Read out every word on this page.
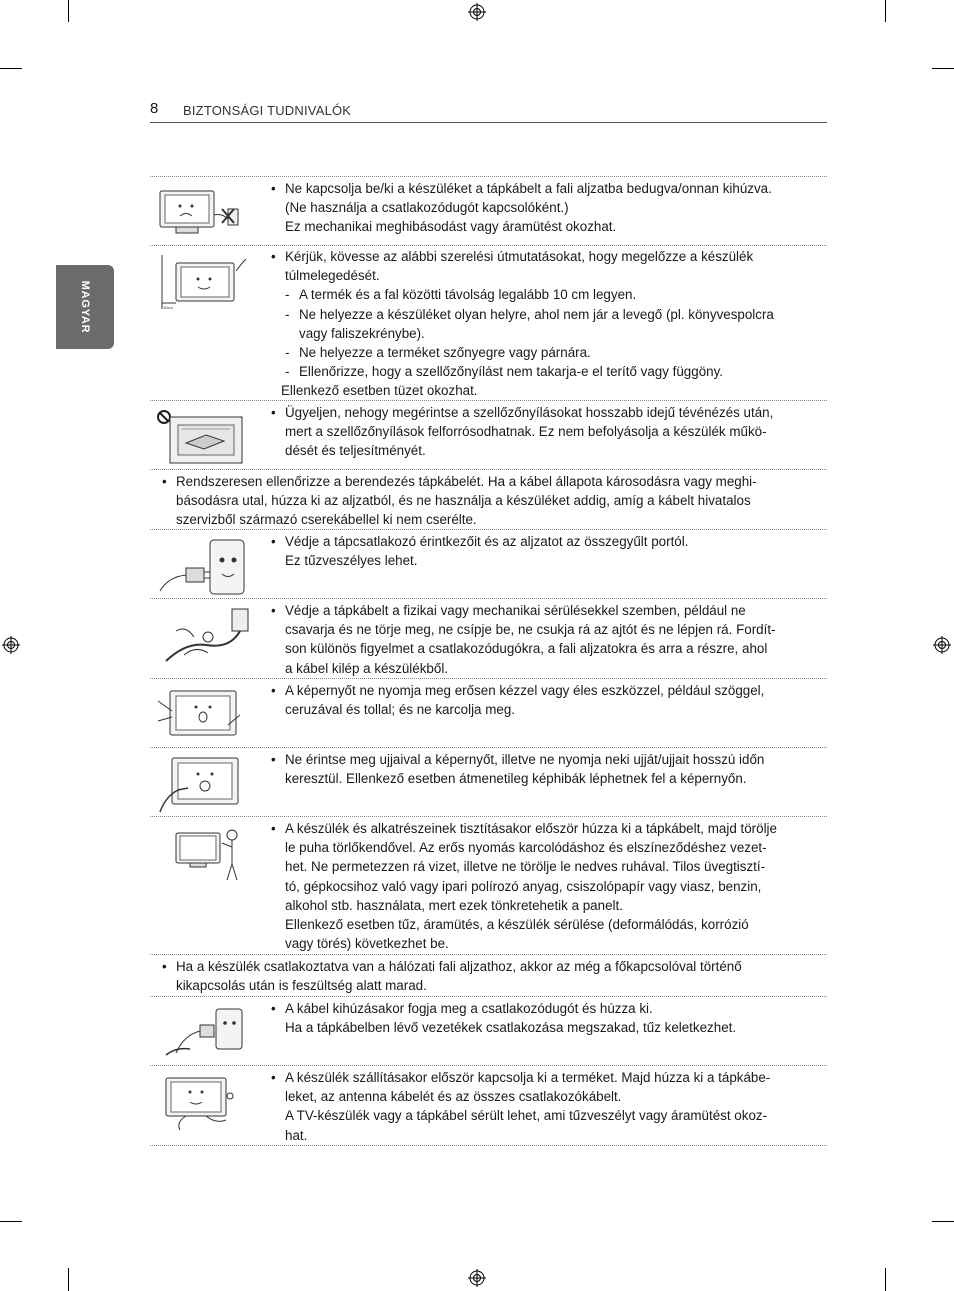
8 BIZTONSÁGI TUDNIVALÓK
MAGYAR
• Ne kapcsolja be/ki a készüléket a tápkábelt a fali aljzatba bedugva/onnan kihúzva.
(Ne használja a csatlakozódugót kapcsolóként.)
Ez mechanikai meghibásodást vagy áramütést okozhat.
10cm
• Kérjük, kövesse az alábbi szerelési útmutatásokat, hogy megelőzze a készülék
túlmelegedését.
- A termék és a fal közötti távolság legalább 10 cm legyen.
- Ne helyezze a készüléket olyan helyre, ahol nem jár a levegő (pl. könyvespolcra
vagy faliszekrénybe).
- Ne helyezze a terméket szőnyegre vagy párnára.
- Ellenőrizze, hogy a szellőzőnyílást nem takarja-e el terítő vagy függöny.
Ellenkező esetben tüzet okozhat.
• Ügyeljen, nehogy megérintse a szellőzőnyílásokat hosszabb idejű tévénézés után,
mert a szellőzőnyílások felforrósodhatnak. Ez nem befolyásolja a készülék műkö-
dését és teljesítményét.
• Rendszeresen ellenőrizze a berendezés tápkábelét. Ha a kábel állapota károsodásra vagy meghi-
básodásra utal, húzza ki az aljzatból, és ne használja a készüléket addig, amíg a kábelt hivatalos
szervizből származó cserekábellel ki nem cserélte.
• Védje a tápcsatlakozó érintkezőit és az aljzatot az összegyűlt portól.
Ez tűzveszélyes lehet.
• Védje a tápkábelt a fizikai vagy mechanikai sérülésekkel szemben, például ne
csavarja és ne törje meg, ne csípje be, ne csukja rá az ajtót és ne lépjen rá. Fordít-
son különös figyelmet a csatlakozódugókra, a fali aljzatokra és arra a részre, ahol
a kábel kilép a készülékből.
• A képernyőt ne nyomja meg erősen kézzel vagy éles eszközzel, például szöggel,
ceruzával és tollal; és ne karcolja meg.
• Ne érintse meg ujjaival a képernyőt, illetve ne nyomja neki ujját/ujjait hosszú időn
keresztül. Ellenkező esetben átmenetileg képhibák léphetnek fel a képernyőn.
• A készülék és alkatrészeinek tisztításakor először húzza ki a tápkábelt, majd törölje
le puha törlőkendővel. Az erős nyomás karcolódáshoz és elszíneződéshez vezet-
het. Ne permetezzen rá vizet, illetve ne törölje le nedves ruhával. Tilos üvegtisztí-
tó, gépkocsihoz való vagy ipari polírozó anyag, csiszolópapír vagy viasz, benzin,
alkohol stb. használata, mert ezek tönkretehetik a panelt.
Ellenkező esetben tűz, áramütés, a készülék sérülése (deformálódás, korrózió
vagy törés) következhet be.
• Ha a készülék csatlakoztatva van a hálózati fali aljzathoz, akkor az még a főkapcsolóval történő
kikapcsolás után is feszültség alatt marad.
• A kábel kihúzásakor fogja meg a csatlakozódugót és húzza ki.
Ha a tápkábelben lévő vezetékek csatlakozása megszakad, tűz keletkezhet.
• A készülék szállításakor először kapcsolja ki a terméket. Majd húzza ki a tápkábe-
leket, az antenna kábelét és az összes csatlakozókábelt.
A TV-készülék vagy a tápkábel sérült lehet, ami tűzveszélyt vagy áramütést okoz-
hat.
